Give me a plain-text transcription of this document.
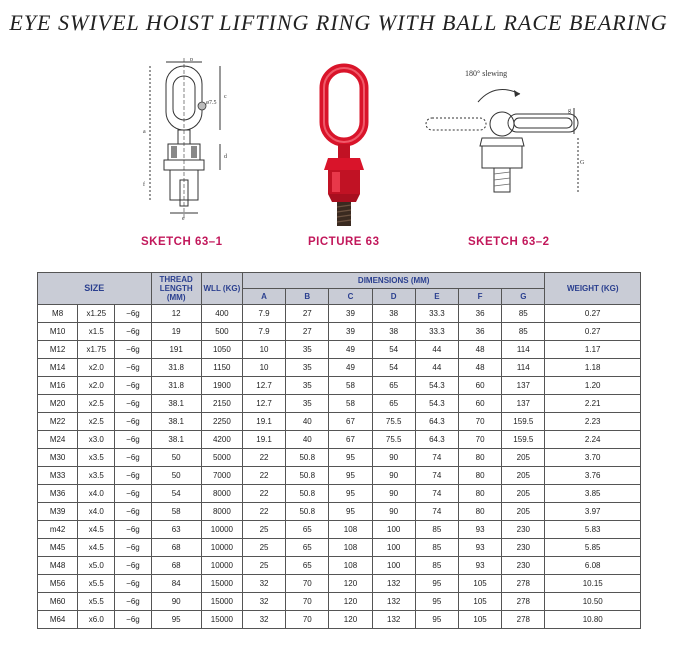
EYE SWIVEL HOIST LIFTING RING WITH BALL RACE BEARING
b
c
d
a
ø7.5
e
f
180° slewing
g
G
SKETCH 63–1	PICTURE 63	SKETCH 63–2
SIZE			THREAD LENGTH (MM)	WLL (KG)	DIMENSIONS (MM)							WEIGHT (KG)
					A	B	C	D	E	F	G	
M8	x1.25	−6g	12	400	7.9	27	39	38	33.3	36	85	0.27
M10	x1.5	−6g	19	500	7.9	27	39	38	33.3	36	85	0.27
M12	x1.75	−6g	191	1050	10	35	49	54	44	48	114	1.17
M14	x2.0	−6g	31.8	1150	10	35	49	54	44	48	114	1.18
M16	x2.0	−6g	31.8	1900	12.7	35	58	65	54.3	60	137	1.20
M20	x2.5	−6g	38.1	2150	12.7	35	58	65	54.3	60	137	2.21
M22	x2.5	−6g	38.1	2250	19.1	40	67	75.5	64.3	70	159.5	2.23
M24	x3.0	−6g	38.1	4200	19.1	40	67	75.5	64.3	70	159.5	2.24
M30	x3.5	−6g	50	5000	22	50.8	95	90	74	80	205	3.70
M33	x3.5	−6g	50	7000	22	50.8	95	90	74	80	205	3.76
M36	x4.0	−6g	54	8000	22	50.8	95	90	74	80	205	3.85
M39	x4.0	−6g	58	8000	22	50.8	95	90	74	80	205	3.97
m42	x4.5	−6g	63	10000	25	65	108	100	85	93	230	5.83
M45	x4.5	−6g	68	10000	25	65	108	100	85	93	230	5.85
M48	x5.0	−6g	68	10000	25	65	108	100	85	93	230	6.08
M56	x5.5	−6g	84	15000	32	70	120	132	95	105	278	10.15
M60	x5.5	−6g	90	15000	32	70	120	132	95	105	278	10.50
M64	x6.0	−6g	95	15000	32	70	120	132	95	105	278	10.80
